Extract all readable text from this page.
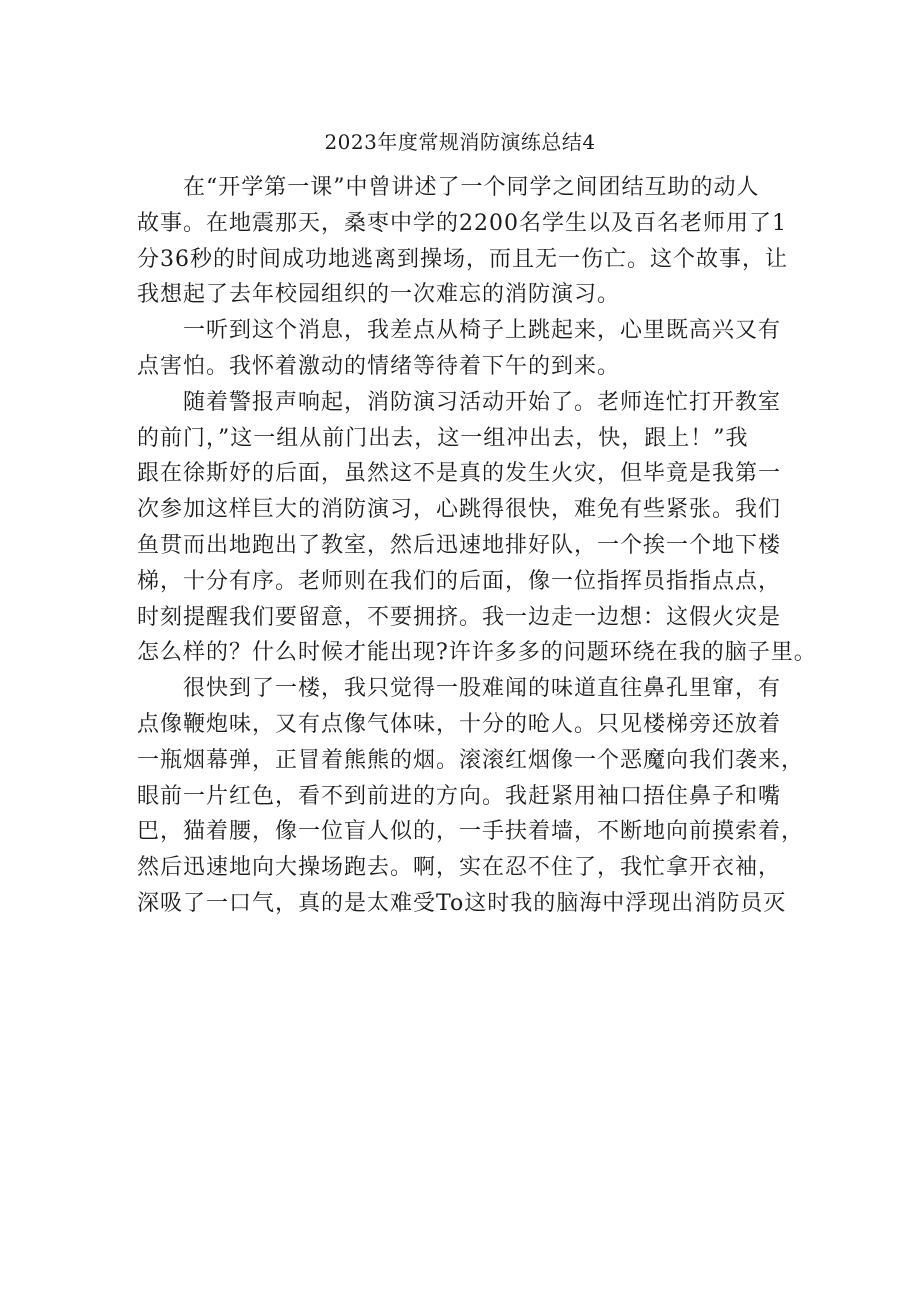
2023年度常规消防演练总结4
　　在“开学第一课”中曾讲述了一个同学之间团结互助的动人
故事。在地震那天，桑枣中学的2200名学生以及百名老师用了1
分36秒的时间成功地逃离到操场，而且无一伤亡。这个故事，让
我想起了去年校园组织的一次难忘的消防演习。
　　一听到这个消息，我差点从椅子上跳起来，心里既高兴又有
点害怕。我怀着激动的情绪等待着下午的到来。
　　随着警报声响起，消防演习活动开始了。老师连忙打开教室
的前门，”这一组从前门出去，这一组冲出去，快，跟上！”我
跟在徐斯妤的后面，虽然这不是真的发生火灾，但毕竟是我第一
次参加这样巨大的消防演习，心跳得很快，难免有些紧张。我们
鱼贯而出地跑出了教室，然后迅速地排好队，一个挨一个地下楼
梯，十分有序。老师则在我们的后面，像一位指挥员指指点点，
时刻提醒我们要留意，不要拥挤。我一边走一边想：这假火灾是
怎么样的？什么时候才能出现?许许多多的问题环绕在我的脑子里。
　　很快到了一楼，我只觉得一股难闻的味道直往鼻孔里窜，有
点像鞭炮味，又有点像气体味，十分的呛人。只见楼梯旁还放着
一瓶烟幕弹，正冒着熊熊的烟。滚滚红烟像一个恶魔向我们袭来，
眼前一片红色，看不到前进的方向。我赶紧用袖口捂住鼻子和嘴
巴，猫着腰，像一位盲人似的，一手扶着墙，不断地向前摸索着，
然后迅速地向大操场跑去。啊，实在忍不住了，我忙拿开衣袖，
深吸了一口气，真的是太难受To这时我的脑海中浮现出消防员灭
